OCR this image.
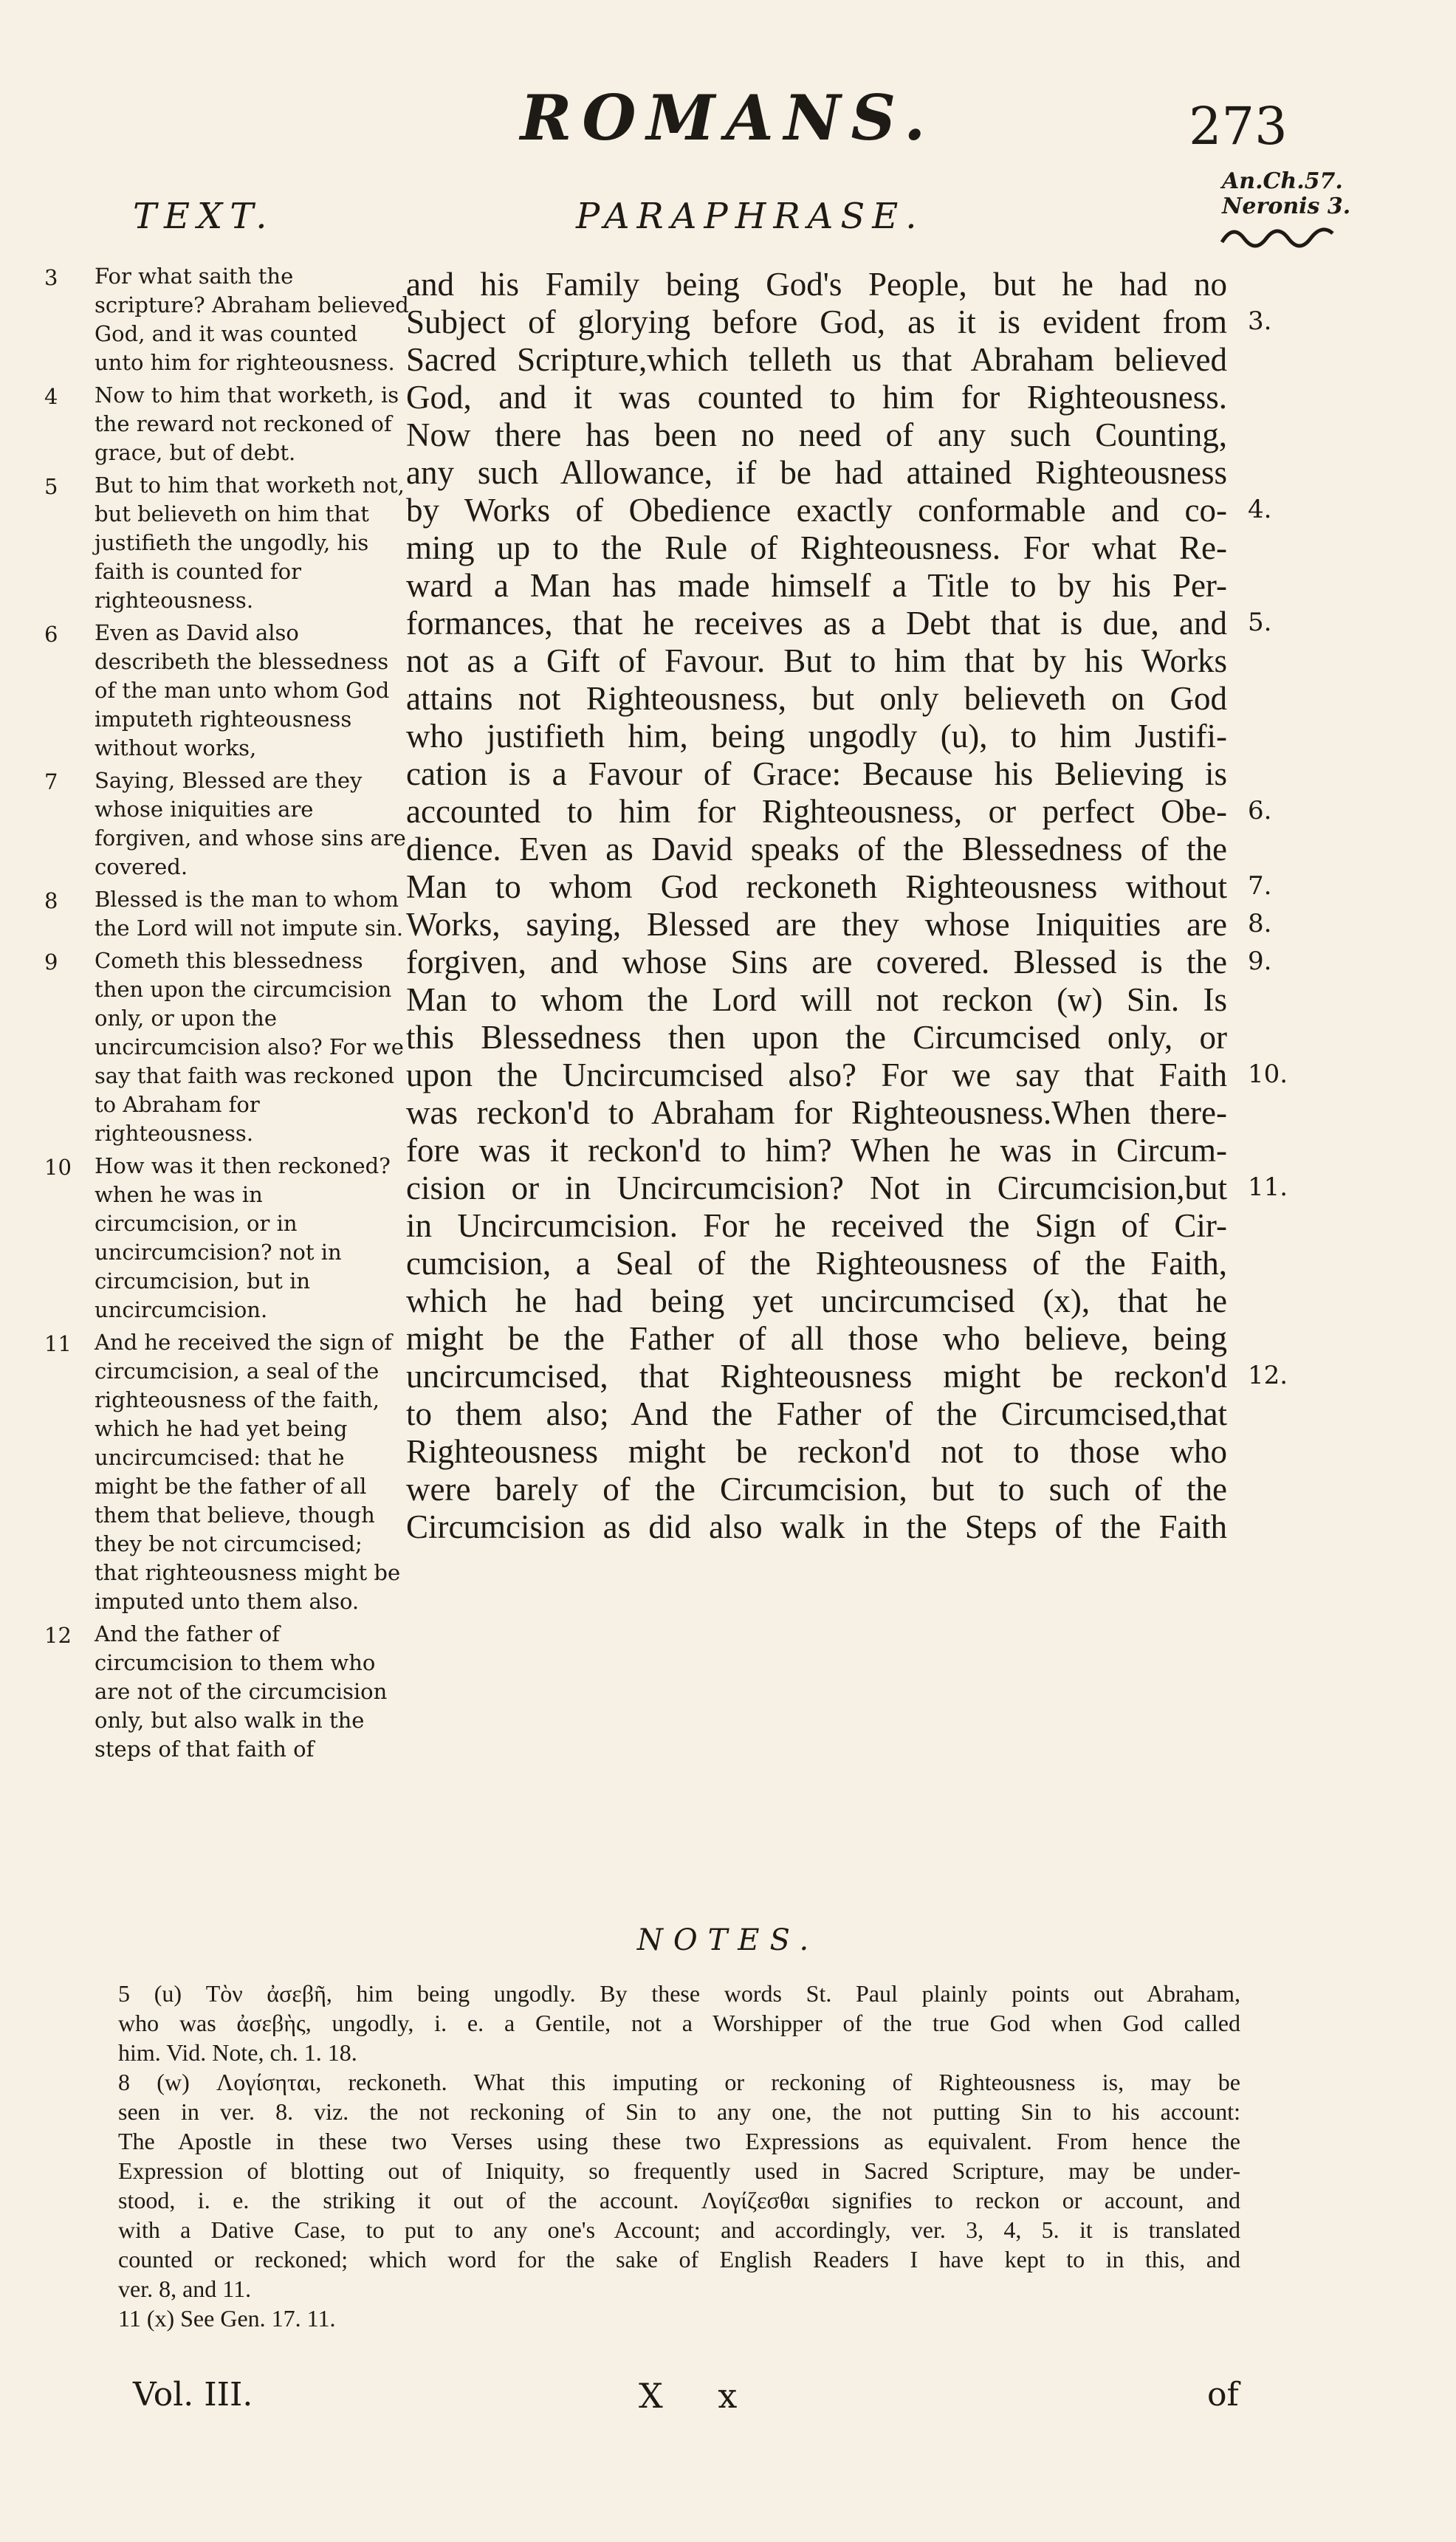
ROMANS.	273
An.Ch.57.
Neronis 3.
TEXT.	PARAPHRASE.
3	For what saith the scripture? Abraham believed God, and it was counted unto him for righteousness.
4	Now to him that worketh, is the reward not reckoned of grace, but of debt.
5	But to him that worketh not, but believeth on him that justifieth the ungodly, his faith is counted for righteousness.
6	Even as David also describeth the blessedness of the man unto whom God imputeth righteousness without works,
7	Saying, Blessed are they whose iniquities are forgiven, and whose sins are covered.
8	Blessed is the man to whom the Lord will not impute sin.
9	Cometh this blessedness then upon the circumcision only, or upon the uncircumcision also? For we say that faith was reckoned to Abraham for righteousness.
10	How was it then reckoned? when he was in circumcision, or in uncircumcision? not in circumcision, but in uncircumcision.
11	And he received the sign of circumcision, a seal of the righteousness of the faith, which he had yet being uncircumcised: that he might be the father of all them that believe, though they be not circumcised; that righteousness might be imputed unto them also.
12	And the father of circumcision to them who are not of the circumcision only, but also walk in the steps of that faith of
and his Family being God's People, but he had no
Subject of glorying before God, as it is evident from
Sacred Scripture,which telleth us that Abraham believed
God, and it was counted to him for Righteousness.
Now there has been no need of any such Counting,
any such Allowance, if be had attained Righteousness
by Works of Obedience exactly conformable and co-
ming up to the Rule of Righteousness. For what Re-
ward a Man has made himself a Title to by his Per-
formances, that he receives as a Debt that is due, and
not as a Gift of Favour. But to him that by his Works
attains not Righteousness, but only believeth on God
who justifieth him, being ungodly (u), to him Justifi-
cation is a Favour of Grace: Because his Believing is
accounted to him for Righteousness, or perfect Obe-
dience. Even as David speaks of the Blessedness of the
Man to whom God reckoneth Righteousness without
Works, saying, Blessed are they whose Iniquities are
forgiven, and whose Sins are covered. Blessed is the
Man to whom the Lord will not reckon (w) Sin. Is
this Blessedness then upon the Circumcised only, or
upon the Uncircumcised also? For we say that Faith
was reckon'd to Abraham for Righteousness.When there-
fore was it reckon'd to him? When he was in Circum-
cision or in Uncircumcision? Not in Circumcision,but
in Uncircumcision. For he received the Sign of Cir-
cumcision, a Seal of the Righteousness of the Faith,
which he had being yet uncircumcised (x), that he
might be the Father of all those who believe, being
uncircumcised, that Righteousness might be reckon'd
to them also; And the Father of the Circumcised,that
Righteousness might be reckon'd not to those who
were barely of the Circumcision, but to such of the
Circumcision as did also walk in the Steps of the Faith
3.
4.
5.
6.
7.
8.
9.
10.
11.
12.
NOTES.
5 (u) Τὸν ἀσεβῆ, him being ungodly. By these words St. Paul plainly points out Abraham,
who was ἀσεβὴς, ungodly, i. e. a Gentile, not a Worshipper of the true God when God called
him. Vid. Note, ch. 1. 18.
8 (w) Λογίσηται, reckoneth. What this imputing or reckoning of Righteousness is, may be
seen in ver. 8. viz. the not reckoning of Sin to any one, the not putting Sin to his account:
The Apostle in these two Verses using these two Expressions as equivalent. From hence the
Expression of blotting out of Iniquity, so frequently used in Sacred Scripture, may be under-
stood, i. e. the striking it out of the account. Λογίζεσθαι signifies to reckon or account, and
with a Dative Case, to put to any one's Account; and accordingly, ver. 3, 4, 5. it is translated
counted or reckoned; which word for the sake of English Readers I have kept to in this, and
ver. 8, and 11.
11 (x) See Gen. 17. 11.
Vol. III.	X x	of
